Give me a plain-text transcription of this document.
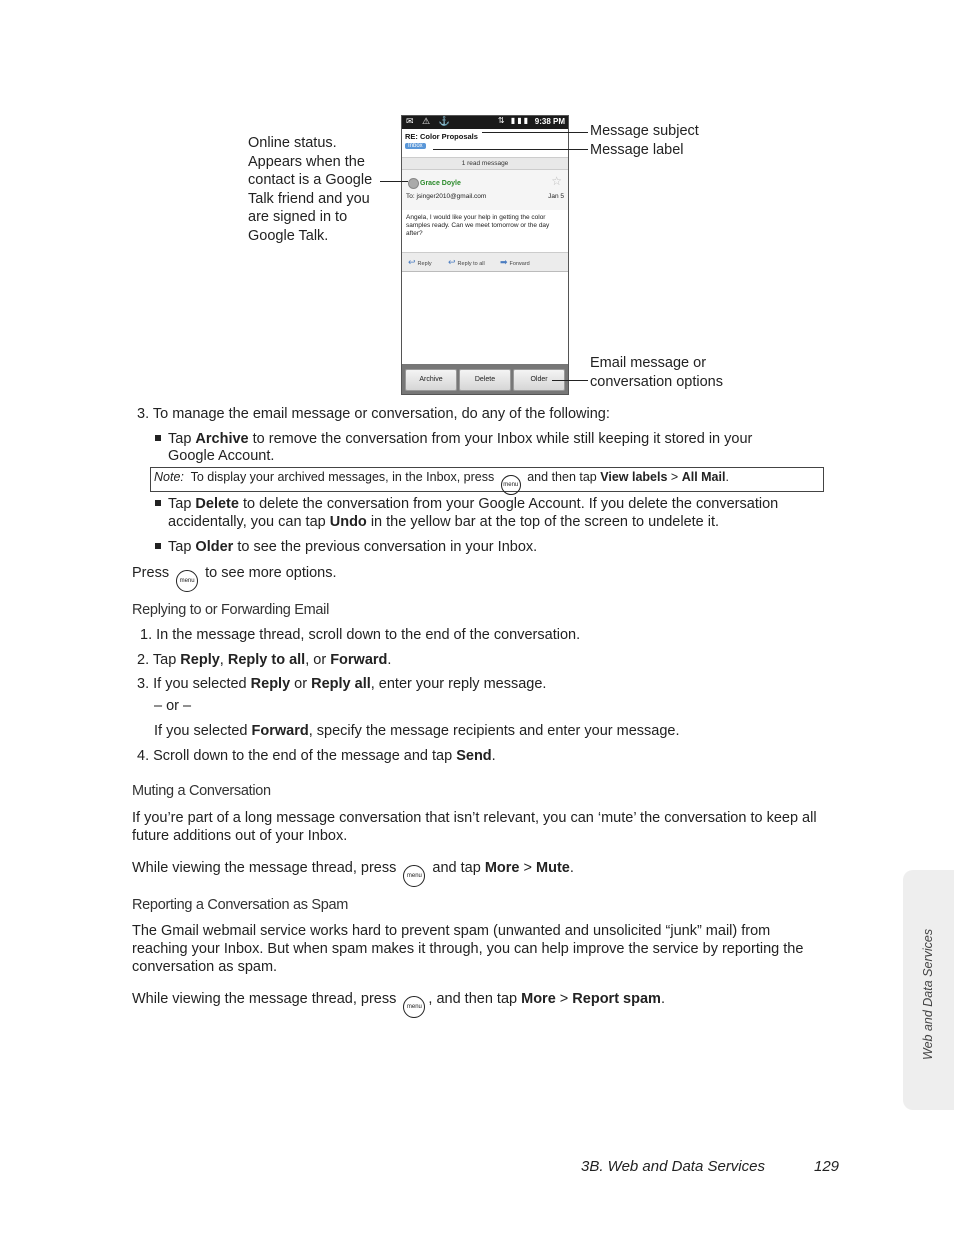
✉ ⚠ ⚓	⇅ ▮▮▮ 9:38 PM
RE: Color Proposals
Inbox
1 read message
Grace Doyle	☆
To: jsinger2010@gmail.com	Jan 5
Angela, I would like your help in getting the color samples ready. Can we meet tomorrow or the day after?
↩ Reply ↩ Reply to all ➡ Forward
Archive	Delete	Older
Online status.
Appears when the
contact is a Google
Talk friend and you
are signed in to
Google Talk.
Message subject
Message label
Email message or
conversation options
3. To manage the email message or conversation, do any of the following:
Tap Archive to remove the conversation from your Inbox while still keeping it stored in your
Google Account.
Note: To display your archived messages, in the Inbox, press menu and then tap View labels > All Mail.
Tap Delete to delete the conversation from your Google Account. If you delete the conversation
accidentally, you can tap Undo in the yellow bar at the top of the screen to undelete it.
Tap Older to see the previous conversation in your Inbox.
Press menu to see more options.
Replying to or Forwarding Email
1. In the message thread, scroll down to the end of the conversation.
2. Tap Reply, Reply to all, or Forward.
3. If you selected Reply or Reply all, enter your reply message.
– or –
If you selected Forward, specify the message recipients and enter your message.
4. Scroll down to the end of the message and tap Send.
Muting a Conversation
If you’re part of a long message conversation that isn’t relevant, you can ‘mute’ the conversation to keep all
future additions out of your Inbox.
While viewing the message thread, press menu and tap More > Mute.
Reporting a Conversation as Spam
The Gmail webmail service works hard to prevent spam (unwanted and unsolicited “junk” mail) from
reaching your Inbox. But when spam makes it through, you can help improve the service by reporting the
conversation as spam.
While viewing the message thread, press menu , and then tap More > Report spam.	Web and Data Services
3B. Web and Data Services	129
